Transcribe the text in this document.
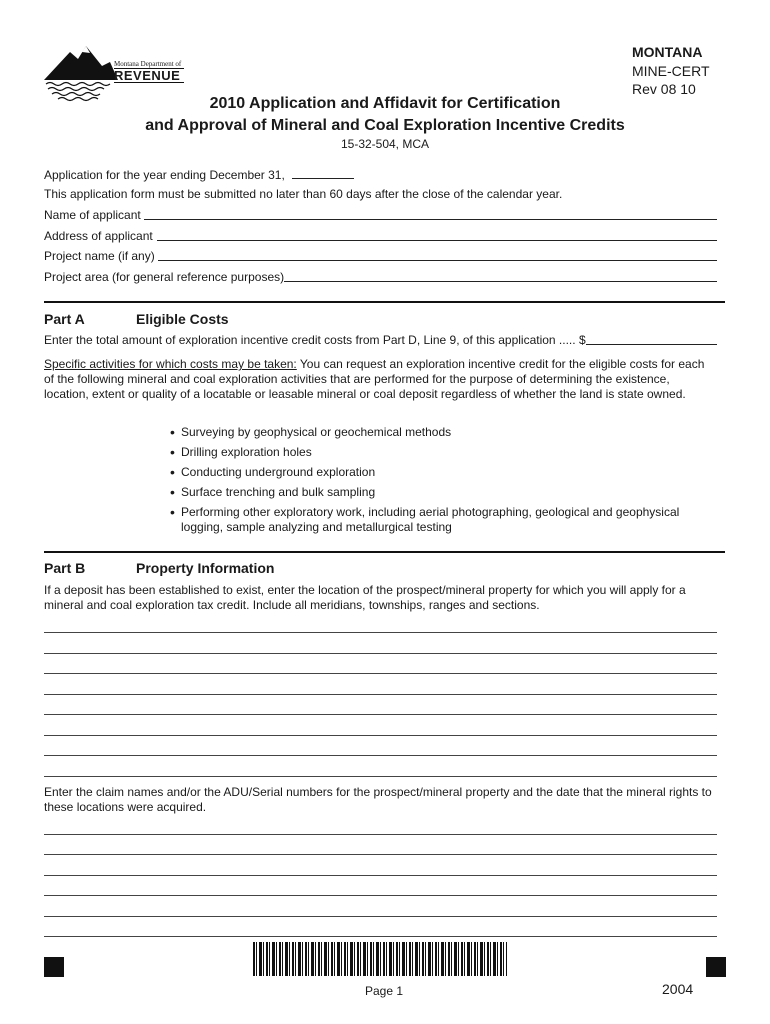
Montana Department of
REVENUE
MONTANA
MINE-CERT
Rev 08 10
2010 Application and Affidavit for Certification
and Approval of Mineral and Coal Exploration Incentive Credits
15-32-504, MCA
Application for the year ending December 31,
This application form must be submitted no later than 60 days after the close of the calendar year.
Name of applicant
Address of applicant
Project name (if any)
Project area (for general reference purposes)
Part A	Eligible Costs
Enter the total amount of exploration incentive credit costs from Part D, Line 9, of this application ..... $
Specific activities for which costs may be taken: You can request an exploration incentive credit for the eligible costs for each of the following mineral and coal exploration activities that are performed for the purpose of determining the existence, location, extent or quality of a locatable or leasable mineral or coal deposit regardless of whether the land is state owned.
• Surveying by geophysical or geochemical methods
• Drilling exploration holes
• Conducting underground exploration
• Surface trenching and bulk sampling
• Performing other exploratory work, including aerial photographing, geological and geophysical logging, sample analyzing and metallurgical testing
Part B	Property Information
If a deposit has been established to exist, enter the location of the prospect/mineral property for which you will apply for a mineral and coal exploration tax credit. Include all meridians, townships, ranges and sections.
Enter the claim names and/or the ADU/Serial numbers for the prospect/mineral property and the date that the mineral rights to these locations were acquired.
Page 1	2004
